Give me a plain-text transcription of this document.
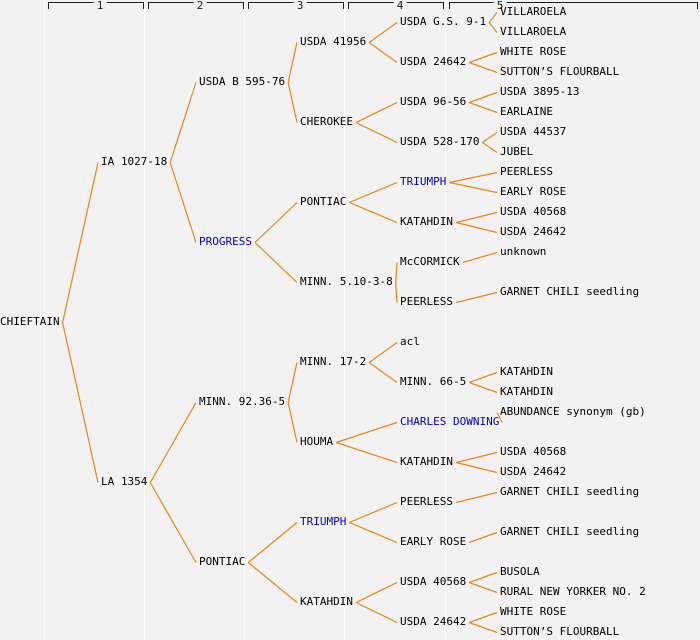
1	2	3	4	5
CHIEFTAIN
IA 1027-18
LA 1354
USDA B 595-76
PROGRESS
MINN. 92.36-5
PONTIAC
USDA 41956
CHEROKEE
PONTIAC
MINN. 5.10-3-8
MINN. 17-2
HOUMA
TRIUMPH
KATAHDIN
USDA G.S. 9-1
USDA 24642
USDA 96-56
USDA 528-170
TRIUMPH
KATAHDIN
McCORMICK
PEERLESS
acl
MINN. 66-5
CHARLES DOWNING
KATAHDIN
PEERLESS
EARLY ROSE
USDA 40568
USDA 24642
VILLAROELA
VILLAROELA
WHITE ROSE
SUTTON’S FLOURBALL
USDA 3895-13
EARLAINE
USDA 44537
JUBEL
PEERLESS
EARLY ROSE
USDA 40568
USDA 24642
unknown
GARNET CHILI seedling
KATAHDIN
KATAHDIN
ABUNDANCE synonym (gb)
USDA 40568
USDA 24642
GARNET CHILI seedling
GARNET CHILI seedling
BUSOLA
RURAL NEW YORKER NO. 2
WHITE ROSE
SUTTON’S FLOURBALL
